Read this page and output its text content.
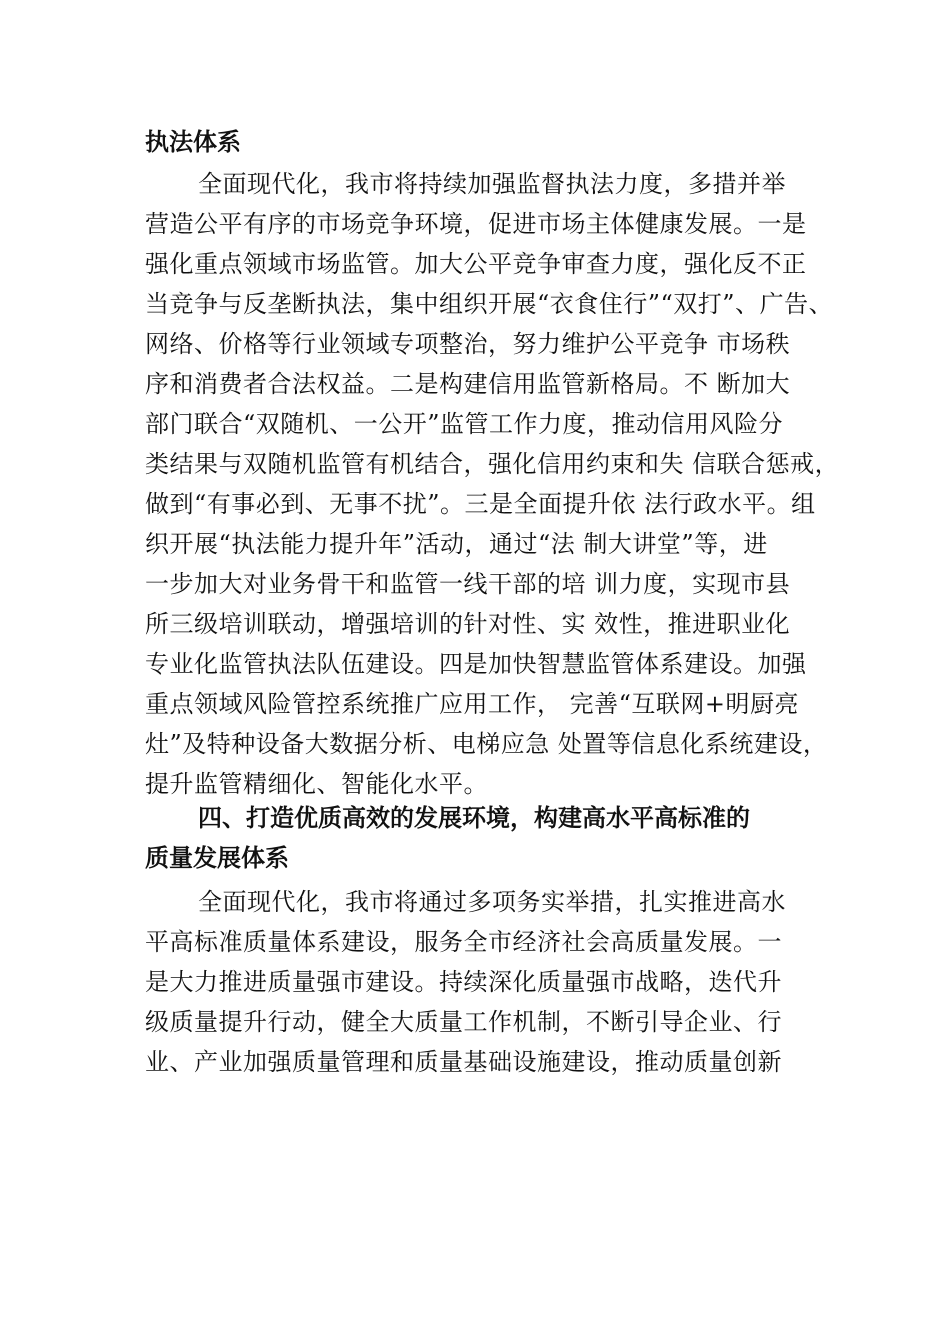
执法体系
全面现代化，我市将持续加强监督执法力度，多措并举
营造公平有序的市场竞争环境，促进市场主体健康发展。一是
强化重点领域市场监管。加大公平竞争审查力度，强化反不正
当竞争与反垄断执法，集中组织开展“衣食住行”“双打”、广告、
网络、价格等行业领域专项整治，努力维护公平竞争 市场秩
序和消费者合法权益。二是构建信用监管新格局。不 断加大
部门联合“双随机、一公开”监管工作力度，推动信用风险分
类结果与双随机监管有机结合，强化信用约束和失 信联合惩戒，
做到“有事必到、无事不扰”。三是全面提升依 法行政水平。组
织开展“执法能力提升年”活动，通过“法 制大讲堂”等，进
一步加大对业务骨干和监管一线干部的培 训力度，实现市县
所三级培训联动，增强培训的针对性、实 效性，推进职业化
专业化监管执法队伍建设。四是加快智慧监管体系建设。加强
重点领域风险管控系统推广应用工作， 完善“互联网+明厨亮
灶”及特种设备大数据分析、电梯应急 处置等信息化系统建设，
提升监管精细化、智能化水平。
四、打造优质高效的发展环境，构建高水平高标准的
质量发展体系
全面现代化，我市将通过多项务实举措，扎实推进高水
平高标准质量体系建设，服务全市经济社会高质量发展。一
是大力推进质量强市建设。持续深化质量强市战略，迭代升
级质量提升行动，健全大质量工作机制，不断引导企业、行
业、产业加强质量管理和质量基础设施建设，推动质量创新
